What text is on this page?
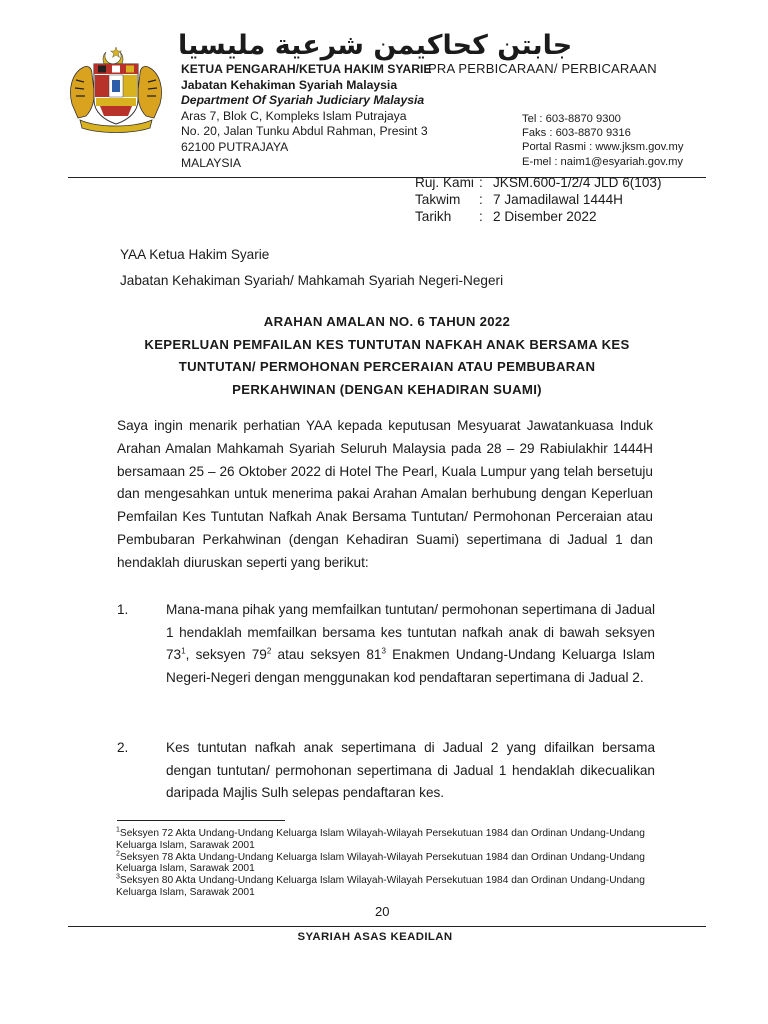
جابتن كحاكيمن شرعية مليسيا
KETUA PENGARAH/KETUA HAKIM SYARIE
Jabatan Kehakiman Syariah Malaysia
Department Of Syariah Judiciary Malaysia
Aras 7, Blok C, Kompleks Islam Putrajaya
No. 20, Jalan Tunku Abdul Rahman, Presint 3
62100 PUTRAJAYA
MALAYSIA
PRA PERBICARAAN/ PERBICARAAN
Tel : 603-8870 9300
Faks : 603-8870 9316
Portal Rasmi : www.jksm.gov.my
E-mel : naim1@esyariah.gov.my
Ruj. Kami :JKSM.600-1/2/4 JLD 6(103)
Takwim :7 Jamadilawal 1444H
Tarikh :2 Disember 2022
YAA Ketua Hakim Syarie
Jabatan Kehakiman Syariah/ Mahkamah Syariah Negeri-Negeri
ARAHAN AMALAN NO. 6 TAHUN 2022
KEPERLUAN PEMFAILAN KES TUNTUTAN NAFKAH ANAK BERSAMA KES
TUNTUTAN/ PERMOHONAN PERCERAIAN ATAU PEMBUBARAN
PERKAHWINAN (DENGAN KEHADIRAN SUAMI)
Saya ingin menarik perhatian YAA kepada keputusan Mesyuarat Jawatankuasa Induk Arahan Amalan Mahkamah Syariah Seluruh Malaysia pada 28 – 29 Rabiulakhir 1444H bersamaan 25 – 26 Oktober 2022 di Hotel The Pearl, Kuala Lumpur yang telah bersetuju dan mengesahkan untuk menerima pakai Arahan Amalan berhubung dengan Keperluan Pemfailan Kes Tuntutan Nafkah Anak Bersama Tuntutan/ Permohonan Perceraian atau Pembubaran Perkahwinan (dengan Kehadiran Suami) sepertimana di Jadual 1 dan hendaklah diuruskan seperti yang berikut:
1.	Mana-mana pihak yang memfailkan tuntutan/ permohonan sepertimana di Jadual 1 hendaklah memfailkan bersama kes tuntutan nafkah anak di bawah seksyen $73^1$, seksyen $79^2$ atau seksyen $81^3$ Enakmen Undang-Undang Keluarga Islam Negeri-Negeri dengan menggunakan kod pendaftaran sepertimana di Jadual 2.
2.	Kes tuntutan nafkah anak sepertimana di Jadual 2 yang difailkan bersama dengan tuntutan/ permohonan sepertimana di Jadual 1 hendaklah dikecualikan daripada Majlis Sulh selepas pendaftaran kes.
$^1$Seksyen 72 Akta Undang-Undang Keluarga Islam Wilayah-Wilayah Persekutuan 1984 dan Ordinan Undang-Undang Keluarga Islam, Sarawak 2001
$^2$Seksyen 78 Akta Undang-Undang Keluarga Islam Wilayah-Wilayah Persekutuan 1984 dan Ordinan Undang-Undang Keluarga Islam, Sarawak 2001
$^3$Seksyen 80 Akta Undang-Undang Keluarga Islam Wilayah-Wilayah Persekutuan 1984 dan Ordinan Undang-Undang Keluarga Islam, Sarawak 2001
20
SYARIAH ASAS KEADILAN
